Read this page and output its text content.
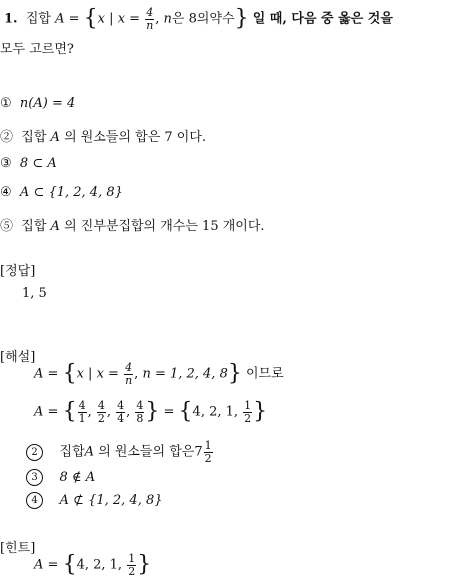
1. 집합 A = {x | $x = \frac{4}{n}$ , n은 8의약수} 일 때, 다음 중 옳은 것을
모두 고르면?
① n(A) = 4
② 집합 A 의 원소들의 합은 7 이다.
③ 8 ⊂ A
④ A ⊂ {1, 2, 4, 8}
⑤ 집합 A 의 진부분집합의 개수는 15 개이다.
[정답]
1, 5
[해설]
A = {x | $x = \frac{4}{n}$ , n = 1, 2, 4, 8} 이므로
A = { $\frac{4}{1}$ , $\frac{4}{2}$ , $\frac{4}{4}$ , $\frac{4}{8}$ } = {4, 2, 1, $\frac{1}{2}$ }
2 집합A 의 원소들의 합은$7 \frac{1}{2}$
3 8 ∉ A
4 A ⊄ {1, 2, 4, 8}
[힌트]
A = {4, 2, 1, $\frac{1}{2}$ }
